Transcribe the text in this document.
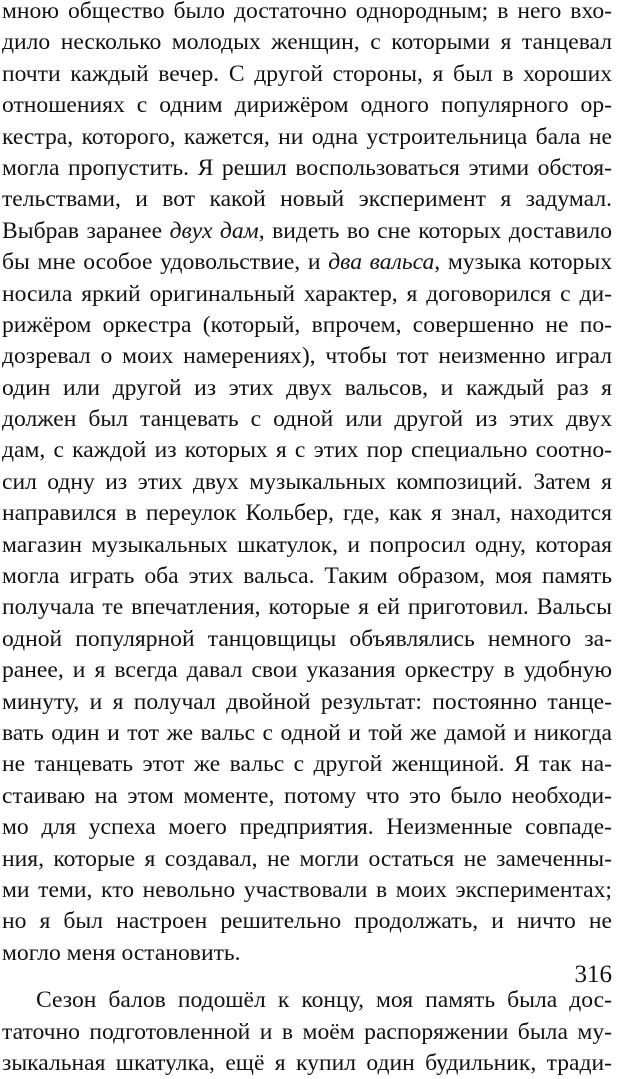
мною общество было достаточно однородным; в него вхо-
дило несколько молодых женщин, с которыми я танцевал
почти каждый вечер. С другой стороны, я был в хороших
отношениях с одним дирижёром одного популярного ор-
кестра, которого, кажется, ни одна устроительница бала не
могла пропустить. Я решил воспользоваться этими обстоя-
тельствами, и вот какой новый эксперимент я задумал.
Выбрав заранее двух дам, видеть во сне которых доставило
бы мне особое удовольствие, и два вальса, музыка которых
носила яркий оригинальный характер, я договорился с ди-
рижёром оркестра (который, впрочем, совершенно не по-
дозревал о моих намерениях), чтобы тот неизменно играл
один или другой из этих двух вальсов, и каждый раз я
должен был танцевать с одной или другой из этих двух
дам, с каждой из которых я с этих пор специально соотно-
сил одну из этих двух музыкальных композиций. Затем я
направился в переулок Кольбер, где, как я знал, находится
магазин музыкальных шкатулок, и попросил одну, которая
могла играть оба этих вальса. Таким образом, моя память
получала те впечатления, которые я ей приготовил. Вальсы
одной популярной танцовщицы объявлялись немного за-
ранее, и я всегда давал свои указания оркестру в удобную
минуту, и я получал двойной результат: постоянно танце-
вать один и тот же вальс с одной и той же дамой и никогда
не танцевать этот же вальс с другой женщиной. Я так на-
стаиваю на этом моменте, потому что это было необходи-
мо для успеха моего предприятия. Неизменные совпаде-
ния, которые я создавал, не могли остаться не замеченны-
ми теми, кто невольно участвовали в моих экспериментах;
но я был настроен решительно продолжать, и ничто не
могло меня остановить.
Сезон балов подошёл к концу, моя память была дос-
таточно подготовленной и в моём распоряжении была му-
зыкальная шкатулка, ещё я купил один будильник, тради-
316
